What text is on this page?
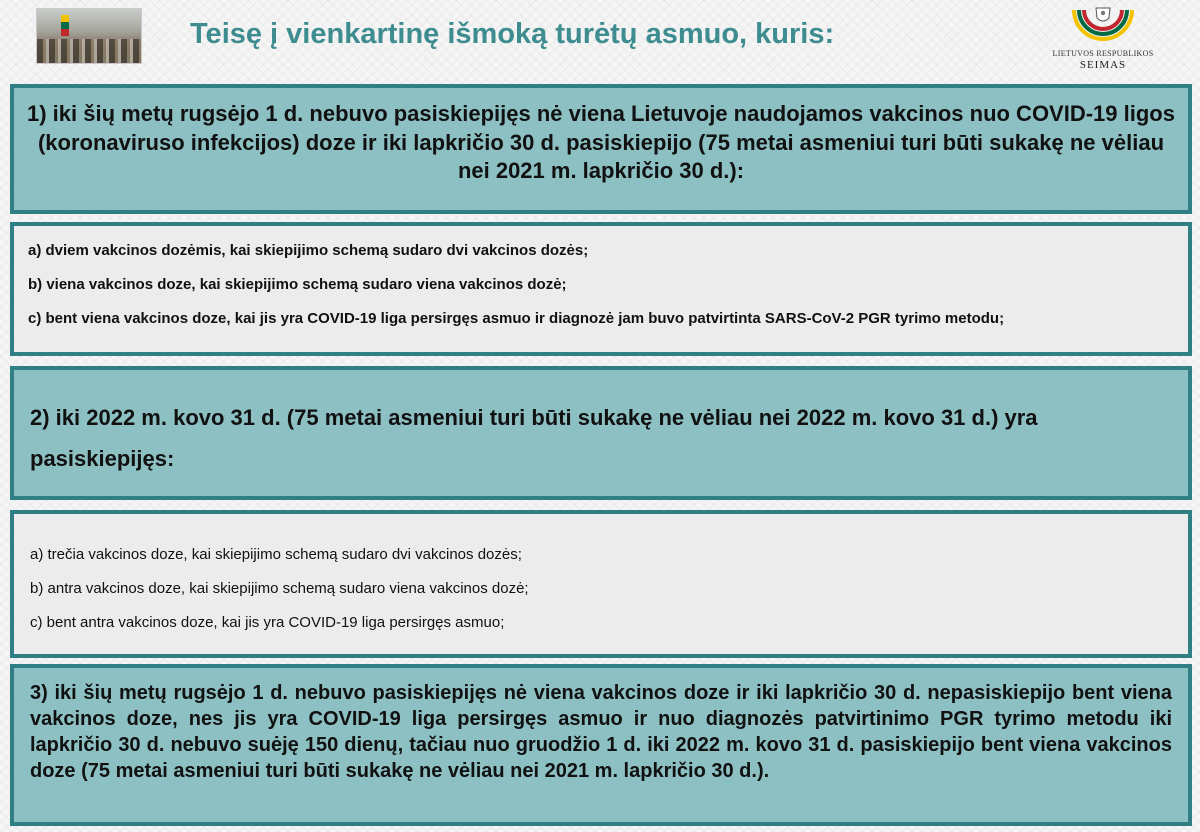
Teisę į vienkartinę išmoką turėtų asmuo, kuris:
LIETUVOS RESPUBLIKOS
SEIMAS
1) iki šių metų rugsėjo 1 d. nebuvo pasiskiepijęs nė viena Lietuvoje naudojamos vakcinos nuo COVID-19 ligos (koronaviruso infekcijos) doze ir iki lapkričio 30 d. pasiskiepijo (75 metai asmeniui turi būti sukakę ne vėliau nei 2021 m. lapkričio 30 d.):

a) dviem vakcinos dozėmis, kai skiepijimo schemą sudaro dvi vakcinos dozės;

b) viena vakcinos doze, kai skiepijimo schemą sudaro viena vakcinos dozė;

c) bent viena vakcinos doze, kai jis yra COVID-19 liga persirgęs asmuo ir diagnozė jam buvo patvirtinta SARS-CoV-2 PGR tyrimo metodu;

2) iki 2022 m. kovo 31 d. (75 metai asmeniui turi būti sukakę ne vėliau nei 2022 m. kovo 31 d.) yra pasiskiepijęs:

a) trečia vakcinos doze, kai skiepijimo schemą sudaro dvi vakcinos dozės;

b) antra vakcinos doze, kai skiepijimo schemą sudaro viena vakcinos dozė;

c) bent antra vakcinos doze, kai jis yra COVID-19 liga persirgęs asmuo;

3) iki šių metų rugsėjo 1 d. nebuvo pasiskiepijęs nė viena vakcinos doze ir iki lapkričio 30 d. nepasiskiepijo bent viena vakcinos doze, nes jis yra COVID-19 liga persirgęs asmuo ir nuo diagnozės patvirtinimo PGR tyrimo metodu iki lapkričio 30 d. nebuvo suėję 150 dienų, tačiau nuo gruodžio 1 d. iki 2022 m. kovo 31 d. pasiskiepijo bent viena vakcinos doze (75 metai asmeniui turi būti sukakę ne vėliau nei 2021 m. lapkričio 30 d.).
